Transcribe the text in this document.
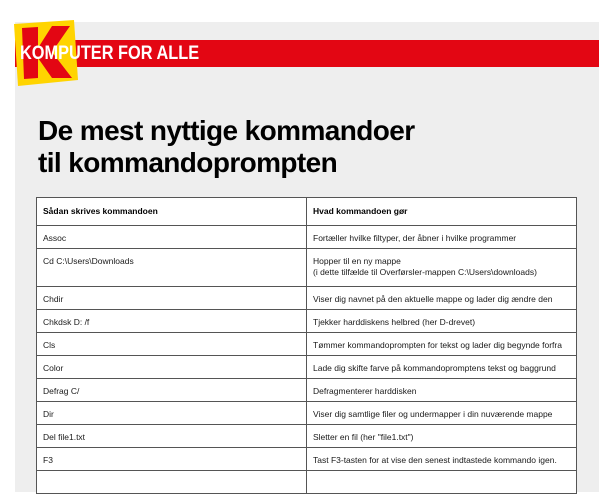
KOMPUTER FOR ALLE
De mest nyttige kommandoer
til kommandoprompten
Sådan skrives kommandoen	Hvad kommandoen gør
Assoc	Fortæller hvilke filtyper, der åbner i hvilke programmer
Cd C:\Users\Downloads	Hopper til en ny mappe
(i dette tilfælde til Overførsler-mappen C:\Users\downloads)

Chdir	Viser dig navnet på den aktuelle mappe og lader dig ændre den
Chkdsk D: /f	Tjekker harddiskens helbred (her D-drevet)
Cls	Tømmer kommandoprompten for tekst og lader dig begynde forfra
Color	Lade dig skifte farve på kommandopromptens tekst og baggrund
Defrag C/	Defragmenterer harddisken
Dir	Viser dig samtlige filer og undermapper i din nuværende mappe
Del file1.txt	Sletter en fil (her "file1.txt")
F3	Tast F3-tasten for at vise den senest indtastede kommando igen.
